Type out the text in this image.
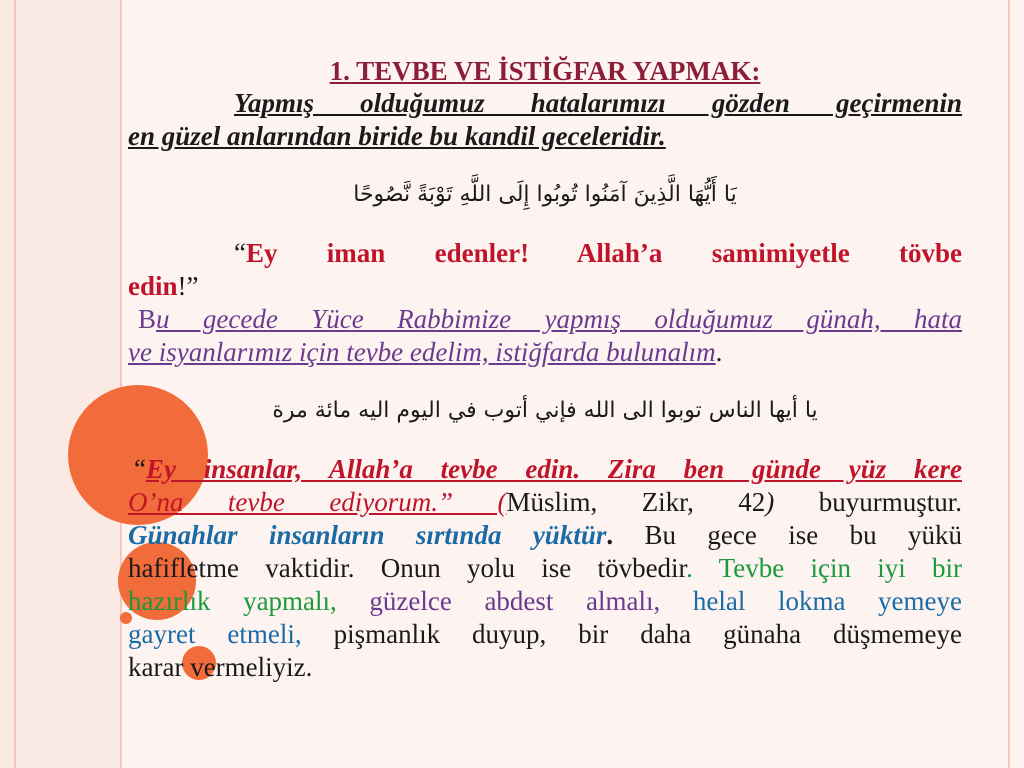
1. TEVBE VE İSTİĞFAR YAPMAK:

Yapmış olduğumuz hatalarımızı gözden geçirmenin

en güzel anlarından biride bu kandil geceleridir.

يَا أَيُّهَا الَّذِينَ آمَنُوا تُوبُوا إِلَى اللَّهِ تَوْبَةً نَّصُوحًا

“Ey iman edenler! Allah’a samimiyetle tövbe

edin!”

Bu gecede Yüce Rabbimize yapmış olduğumuz günah, hata

ve isyanlarımız için tevbe edelim, istiğfarda bulunalım.

يا أيها الناس توبوا الى الله فإني أتوب في اليوم اليه مائة مرة

“Ey insanlar, Allah’a tevbe edin. Zira ben günde yüz kere

O’na tevbe ediyorum.” (Müslim, Zikr, 42) buyurmuştur.

Günahlar insanların sırtında yüktür. Bu gece ise bu yükü

hafifletme vaktidir. Onun yolu ise tövbedir. Tevbe için iyi bir

hazırlık yapmalı, güzelce abdest almalı, helal lokma yemeye

gayret etmeli, pişmanlık duyup, bir daha günaha düşmemeye

karar vermeliyiz.
